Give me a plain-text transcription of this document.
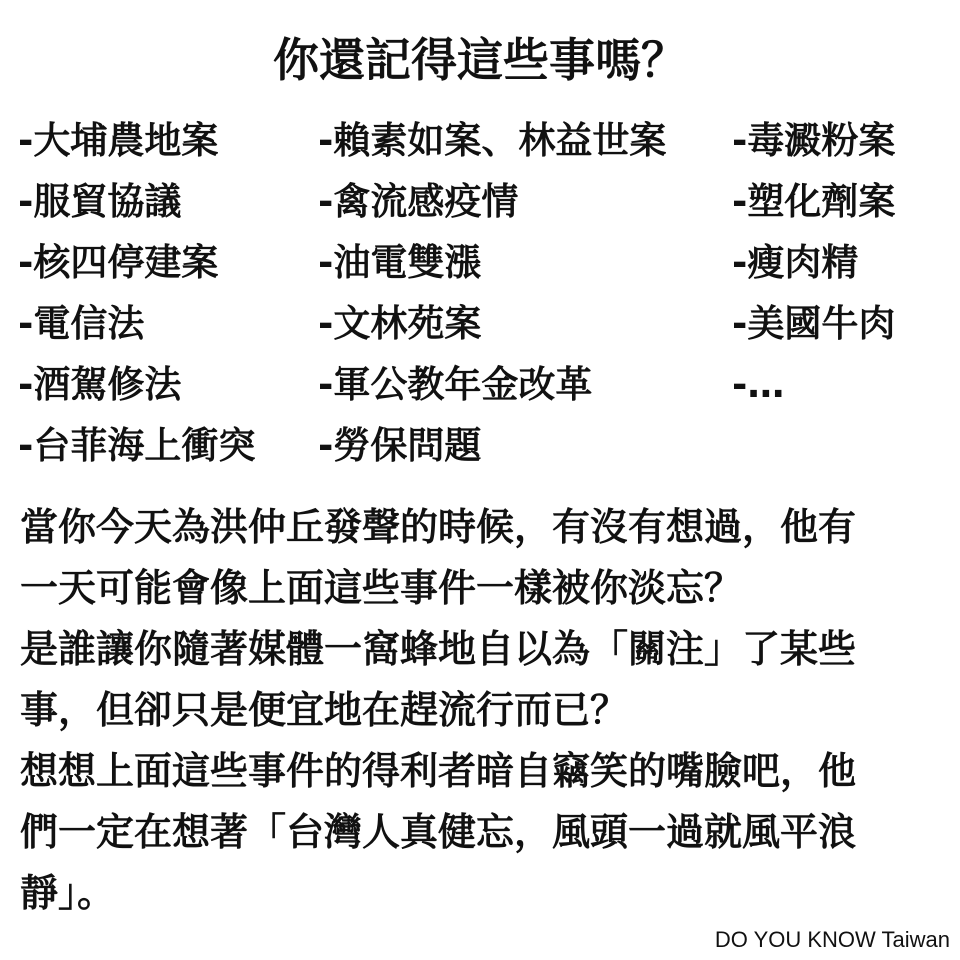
你還記得這些事嗎？
-大埔農地案
-服貿協議
-核四停建案
-電信法
-酒駕修法
-台菲海上衝突
-賴素如案、林益世案
-禽流感疫情
-油電雙漲
-文林苑案
-軍公教年金改革
-勞保問題
-毒澱粉案
-塑化劑案
-瘦肉精
-美國牛肉
-…
當你今天為洪仲丘發聲的時候，有沒有想過，他有
一天可能會像上面這些事件一樣被你淡忘？
是誰讓你隨著媒體一窩蜂地自以為「關注」了某些
事，但卻只是便宜地在趕流行而已？
想想上面這些事件的得利者暗自竊笑的嘴臉吧，他
們一定在想著「台灣人真健忘，風頭一過就風平浪
靜」。
DO YOU KNOW Taiwan
